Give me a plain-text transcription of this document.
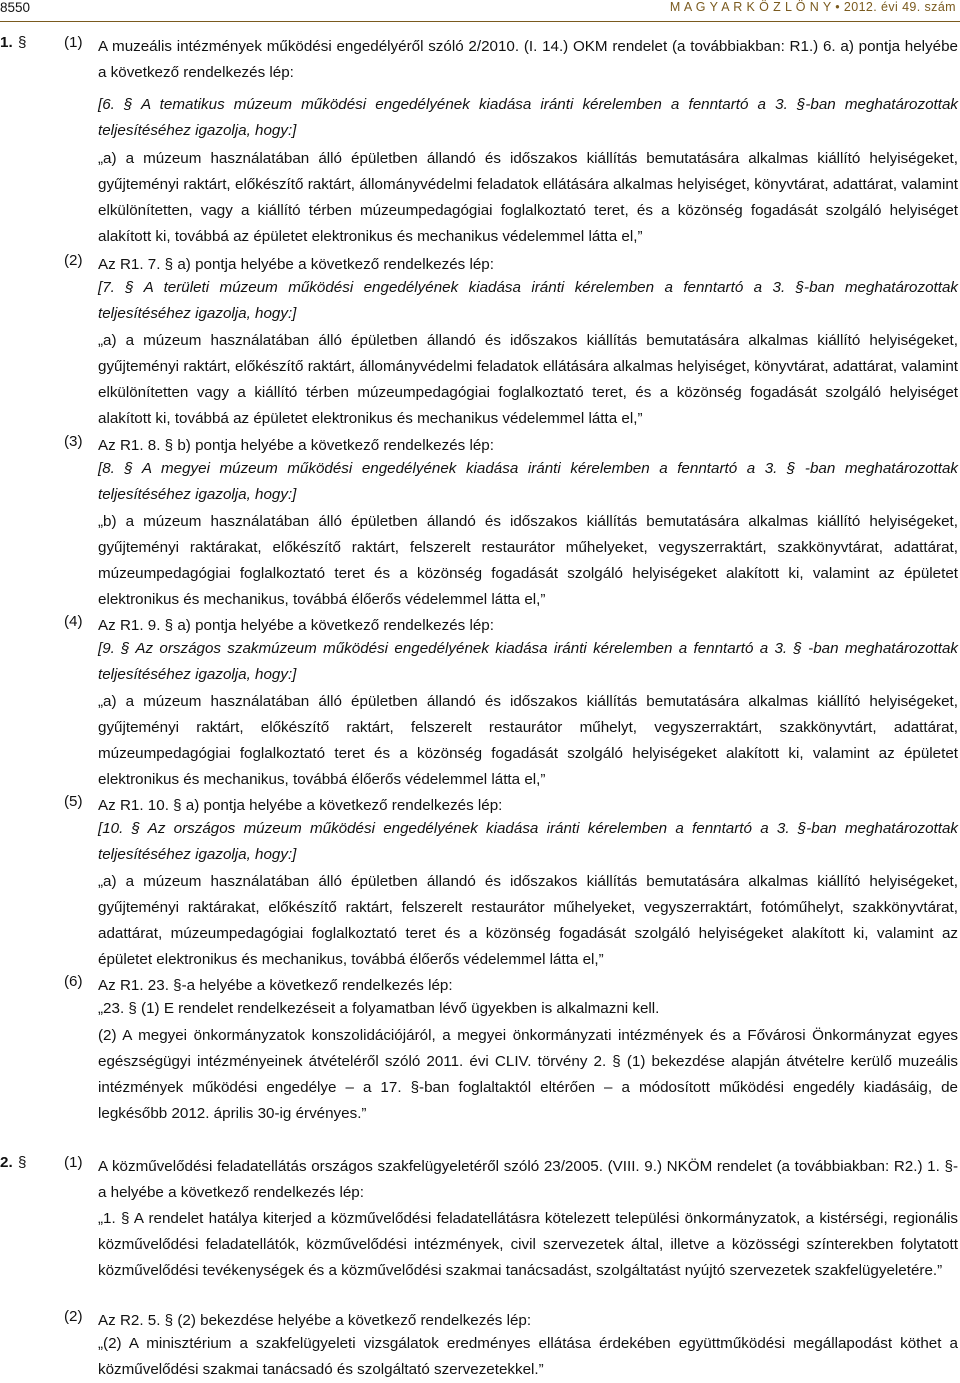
8550	M A G Y A R K Ö Z L Ö N Y • 2012. évi 49. szám
1. § (1) A muzeális intézmények működési engedélyéről szóló 2/2010. (I. 14.) OKM rendelet (a továbbiakban: R1.) 6. a) pontja helyébe a következő rendelkezés lép:

[6. § A tematikus múzeum működési engedélyének kiadása iránti kérelemben a fenntartó a 3. §-ban meghatározottak teljesítéséhez igazolja, hogy:]

„a) a múzeum használatában álló épületben állandó és időszakos kiállítás bemutatására alkalmas kiállító helyiségeket, gyűjteményi raktárt, előkészítő raktárt, állományvédelmi feladatok ellátására alkalmas helyiséget, könyvtárat, adattárat, valamint elkülönítetten, vagy a kiállító térben múzeumpedagógiai foglalkoztató teret, és a közönség fogadását szolgáló helyiséget alakított ki, továbbá az épületet elektronikus és mechanikus védelemmel látta el,”

(2) Az R1. 7. § a) pontja helyébe a következő rendelkezés lép:

[7. § A területi múzeum működési engedélyének kiadása iránti kérelemben a fenntartó a 3. §-ban meghatározottak teljesítéséhez igazolja, hogy:]

„a) a múzeum használatában álló épületben állandó és időszakos kiállítás bemutatására alkalmas kiállító helyiségeket, gyűjteményi raktárt, előkészítő raktárt, állományvédelmi feladatok ellátására alkalmas helyiséget, könyvtárat, adattárat, valamint elkülönítetten vagy a kiállító térben múzeumpedagógiai foglalkoztató teret, és a közönség fogadását szolgáló helyiséget alakított ki, továbbá az épületet elektronikus és mechanikus védelemmel látta el,”

(3) Az R1. 8. § b) pontja helyébe a következő rendelkezés lép:

[8. § A megyei múzeum működési engedélyének kiadása iránti kérelemben a fenntartó a 3. § -ban meghatározottak teljesítéséhez igazolja, hogy:]

„b) a múzeum használatában álló épületben állandó és időszakos kiállítás bemutatására alkalmas kiállító helyiségeket, gyűjteményi raktárakat, előkészítő raktárt, felszerelt restaurátor műhelyeket, vegyszerraktárt, szakkönyvtárat, adattárat, múzeumpedagógiai foglalkoztató teret és a közönség fogadását szolgáló helyiségeket alakított ki, valamint az épületet elektronikus és mechanikus, továbbá élőerős védelemmel látta el,”

(4) Az R1. 9. § a) pontja helyébe a következő rendelkezés lép:

[9. § Az országos szakmúzeum működési engedélyének kiadása iránti kérelemben a fenntartó a 3. § -ban meghatározottak teljesítéséhez igazolja, hogy:]

„a) a múzeum használatában álló épületben állandó és időszakos kiállítás bemutatására alkalmas kiállító helyiségeket, gyűjteményi raktárt, előkészítő raktárt, felszerelt restaurátor műhelyt, vegyszerraktárt, szakkönyvtárt, adattárat, múzeumpedagógiai foglalkoztató teret és a közönség fogadását szolgáló helyiségeket alakított ki, valamint az épületet elektronikus és mechanikus, továbbá élőerős védelemmel látta el,”

(5) Az R1. 10. § a) pontja helyébe a következő rendelkezés lép:

[10. § Az országos múzeum működési engedélyének kiadása iránti kérelemben a fenntartó a 3. §-ban meghatározottak teljesítéséhez igazolja, hogy:]

„a) a múzeum használatában álló épületben állandó és időszakos kiállítás bemutatására alkalmas kiállító helyiségeket, gyűjteményi raktárakat, előkészítő raktárt, felszerelt restaurátor műhelyeket, vegyszerraktárt, fotóműhelyt, szakkönyvtárat, adattárat, múzeumpedagógiai foglalkoztató teret és a közönség fogadását szolgáló helyiségeket alakított ki, valamint az épületet elektronikus és mechanikus, továbbá élőerős védelemmel látta el,”

(6) Az R1. 23. §-a helyébe a következő rendelkezés lép:

„23. § (1) E rendelet rendelkezéseit a folyamatban lévő ügyekben is alkalmazni kell.

(2) A megyei önkormányzatok konszolidációjáról, a megyei önkormányzati intézmények és a Fővárosi Önkormányzat egyes egészségügyi intézményeinek átvételéről szóló 2011. évi CLIV. törvény 2. § (1) bekezdése alapján átvételre kerülő muzeális intézmények működési engedélye – a 17. §-ban foglaltaktól eltérően – a módosított működési engedély kiadásáig, de legkésőbb 2012. április 30-ig érvényes.”

2. § (1) A közművelődési feladatellátás országos szakfelügyeletéről szóló 23/2005. (VIII. 9.) NKÖM rendelet (a továbbiakban: R2.) 1. §-a helyébe a következő rendelkezés lép:

„1. § A rendelet hatálya kiterjed a közművelődési feladatellátásra kötelezett települési önkormányzatok, a kistérségi, regionális közművelődési feladatellátók, közművelődési intézmények, civil szervezetek által, illetve a közösségi színterekben folytatott közművelődési tevékenységek és a közművelődési szakmai tanácsadást, szolgáltatást nyújtó szervezetek szakfelügyeletére.”

(2) Az R2. 5. § (2) bekezdése helyébe a következő rendelkezés lép:

„(2) A minisztérium a szakfelügyeleti vizsgálatok eredményes ellátása érdekében együttműködési megállapodást köthet a közművelődési szakmai tanácsadó és szolgáltató szervezetekkel.”
